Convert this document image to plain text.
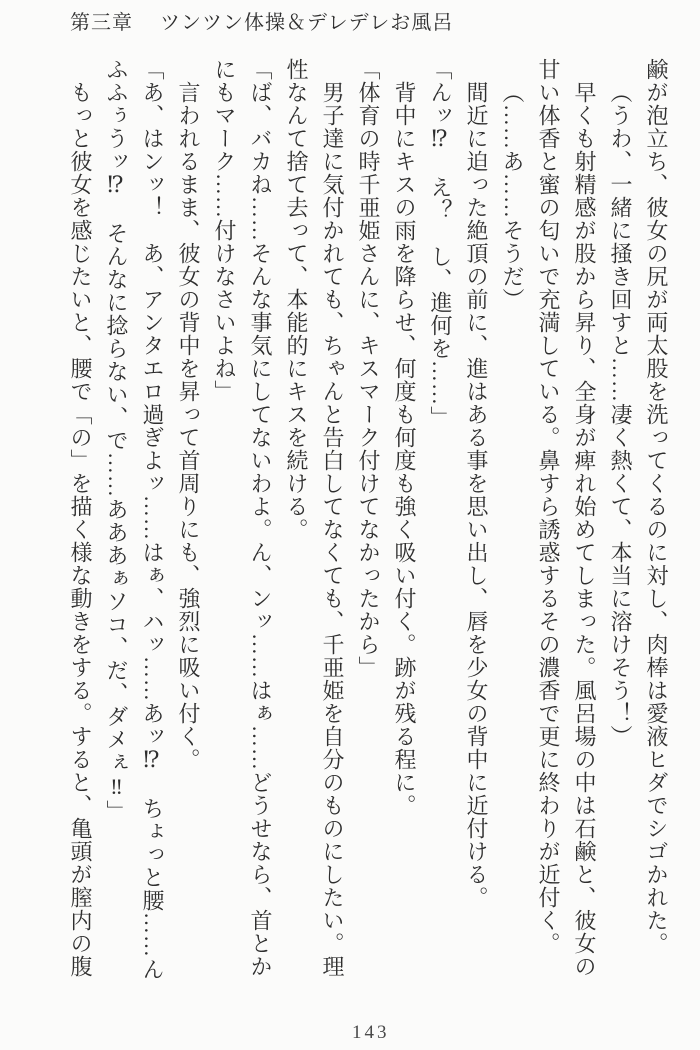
第三章 ツンツン体操＆デレデレお風呂
鹸が泡立ち、彼女の尻が両太股を洗ってくるのに対し、肉棒は愛液ヒダでシゴかれた。
（うわ、一緒に掻き回すと……凄く熱くて、本当に溶けそう！）
早くも射精感が股から昇り、全身が痺れ始めてしまった。風呂場の中は石鹸と、彼女の
甘い体香と蜜の匂いで充満している。鼻すら誘惑するその濃香で更に終わりが近付く。
（……あ……そうだ）
間近に迫った絶頂の前に、進はある事を思い出し、唇を少女の背中に近付ける。
「んッ⁉　え？　し、進何を……」
背中にキスの雨を降らせ、何度も何度も強く吸い付く。跡が残る程に。
「体育の時千亜姫さんに、キスマーク付けてなかったから」
男子達に気付かれても、ちゃんと告白してなくても、千亜姫を自分のものにしたい。理
性なんて捨て去って、本能的にキスを続ける。
「ば、バカね……そんな事気にしてないわよ。ん、ンッ……はぁ……どうせなら、首とか
にもマーク……付けなさいよね」
言われるまま、彼女の背中を昇って首周りにも、強烈に吸い付く。
「あ、はンッ！　あ、アンタエロ過ぎよッ……はぁ、ハッ……あッ⁉　ちょっと腰……ん
ふふぅうッ⁉　そんなに捻らない、で……あああぁソコ、だ、ダメぇ‼」
もっと彼女を感じたいと、腰で「の」を描く様な動きをする。すると、亀頭が膣内の腹
143
